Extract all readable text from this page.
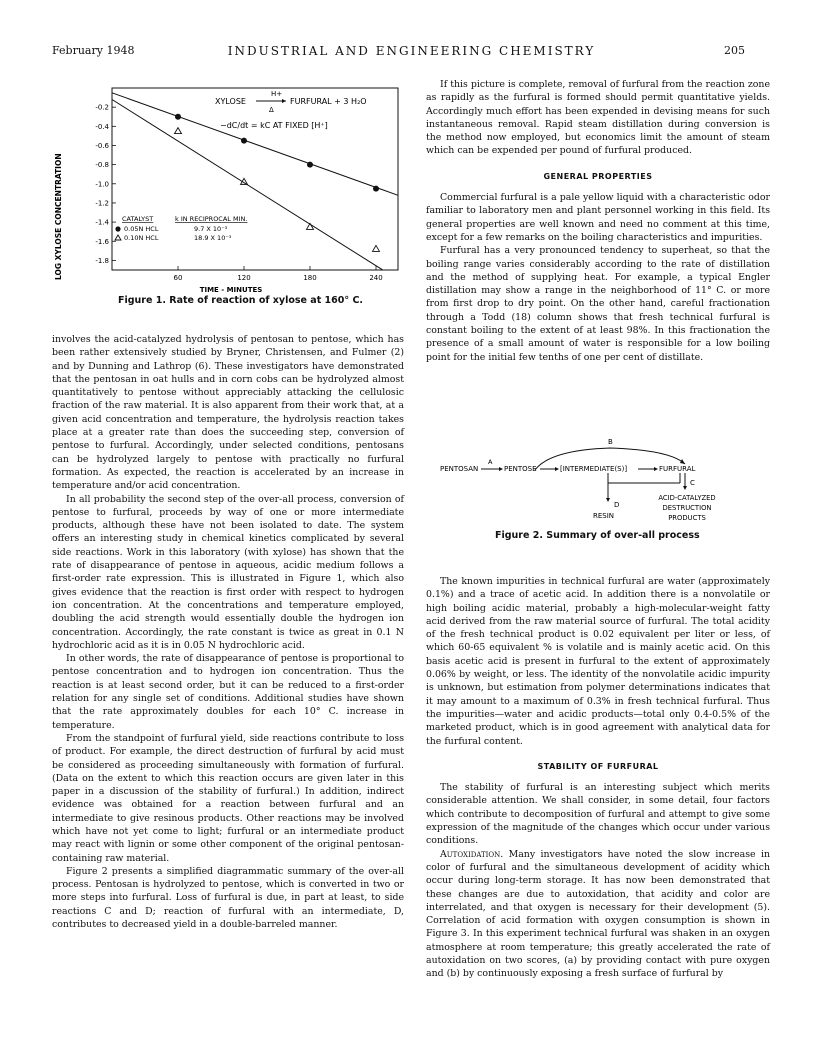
February 1948	INDUSTRIAL AND ENGINEERING CHEMISTRY	205
-0.2
-0.4
-0.6
-0.8
-1.0
-1.2
-1.4
-1.6
-1.8
60	120	180	240
XYLOSE
H+
Δ
FURFURAL + 3 H₂O
−dC/dt = kC AT FIXED [H⁺]
CATALYST	k IN RECIPROCAL MIN.
0.05N HCL	9.7 X 10⁻³
0.10N HCL	18.9 X 10⁻³
LOG XYLOSE CONCENTRATION
TIME - MINUTES
Figure 1. Rate of reaction of xylose at 160° C.

involves the acid-catalyzed hydrolysis of pentosan to pentose, which has been rather extensively studied by Bryner, Christensen, and Fulmer (2) and by Dunning and Lathrop (6). These investigators have demonstrated that the pentosan in oat hulls and in corn cobs can be hydrolyzed almost quantitatively to pentose without appreciably attacking the cellulosic fraction of the raw material. It is also apparent from their work that, at a given acid concentration and temperature, the hydrolysis reaction takes place at a greater rate than does the succeeding step, conversion of pentose to furfural. Accordingly, under selected conditions, pentosans can be hydrolyzed largely to pentose with practically no furfural formation. As expected, the reaction is accelerated by an increase in temperature and/or acid concentration.

In all probability the second step of the over-all process, conversion of pentose to furfural, proceeds by way of one or more intermediate products, although these have not been isolated to date. The system offers an interesting study in chemical kinetics complicated by several side reactions. Work in this laboratory (with xylose) has shown that the rate of disappearance of pentose in aqueous, acidic medium follows a first-order rate expression. This is illustrated in Figure 1, which also gives evidence that the reaction is first order with respect to hydrogen ion concentration. At the concentrations and temperature employed, doubling the acid strength would essentially double the hydrogen ion concentration. Accordingly, the rate constant is twice as great in 0.1 N hydrochloric acid as it is in 0.05 N hydrochloric acid.

In other words, the rate of disappearance of pentose is proportional to pentose concentration and to hydrogen ion concentration. Thus the reaction is at least second order, but it can be reduced to a first-order relation for any single set of conditions. Additional studies have shown that the rate approximately doubles for each 10° C. increase in temperature.

From the standpoint of furfural yield, side reactions contribute to loss of product. For example, the direct destruction of furfural by acid must be considered as proceeding simultaneously with formation of furfural. (Data on the extent to which this reaction occurs are given later in this paper in a discussion of the stability of furfural.) In addition, indirect evidence was obtained for a reaction between furfural and an intermediate to give resinous products. Other reactions may be involved which have not yet come to light; furfural or an intermediate product may react with lignin or some other component of the original pentosan-containing raw material.

Figure 2 presents a simplified diagrammatic summary of the over-all process. Pentosan is hydrolyzed to pentose, which is converted in two or more steps into furfural. Loss of furfural is due, in part at least, to side reactions C and D; reaction of furfural with an intermediate, D, contributes to decreased yield in a double-barreled manner.

If this picture is complete, removal of furfural from the reaction zone as rapidly as the furfural is formed should permit quantitative yields. Accordingly much effort has been expended in devising means for such instantaneous removal. Rapid steam distillation during conversion is the method now employed, but economics limit the amount of steam which can be expended per pound of furfural produced.

GENERAL PROPERTIES

Commercial furfural is a pale yellow liquid with a characteristic odor familiar to laboratory men and plant personnel working in this field. Its general properties are well known and need no comment at this time, except for a few remarks on the boiling characteristics and impurities.

Furfural has a very pronounced tendency to superheat, so that the boiling range varies considerably according to the rate of distillation and the method of supplying heat. For example, a typical Engler distillation may show a range in the neighborhood of 11° C. or more from first drop to dry point. On the other hand, careful fractionation through a Todd (18) column shows that fresh technical furfural is constant boiling to the extent of at least 98%. In this fractionation the presence of a small amount of water is responsible for a low boiling point for the initial few tenths of one per cent of distillate.

B
PENTOSAN
A
PENTOSE	[INTERMEDIATE(S)]	FURFURAL
D
RESIN
C
ACID-CATALYZED
DESTRUCTION
PRODUCTS
Figure 2. Summary of over-all process

The known impurities in technical furfural are water (approximately 0.1%) and a trace of acetic acid. In addition there is a nonvolatile or high boiling acidic material, probably a high-molecular-weight fatty acid derived from the raw material source of furfural. The total acidity of the fresh technical product is 0.02 equivalent per liter or less, of which 60-65 equivalent % is volatile and is mainly acetic acid. On this basis acetic acid is present in furfural to the extent of approximately 0.06% by weight, or less. The identity of the nonvolatile acidic impurity is unknown, but estimation from polymer determinations indicates that it may amount to a maximum of 0.3% in fresh technical furfural. Thus the impurities—water and acidic products—total only 0.4-0.5% of the marketed product, which is in good agreement with analytical data for the furfural content.

STABILITY OF FURFURAL

The stability of furfural is an interesting subject which merits considerable attention. We shall consider, in some detail, four factors which contribute to decomposition of furfural and attempt to give some expression of the magnitude of the changes which occur under various conditions.

Autoxidation. Many investigators have noted the slow increase in color of furfural and the simultaneous development of acidity which occur during long-term storage. It has now been demonstrated that these changes are due to autoxidation, that acidity and color are interrelated, and that oxygen is necessary for their development (5). Correlation of acid formation with oxygen consumption is shown in Figure 3. In this experiment technical furfural was shaken in an oxygen atmosphere at room temperature; this greatly accelerated the rate of autoxidation on two scores, (a) by providing contact with pure oxygen and (b) by continuously exposing a fresh surface of furfural by
